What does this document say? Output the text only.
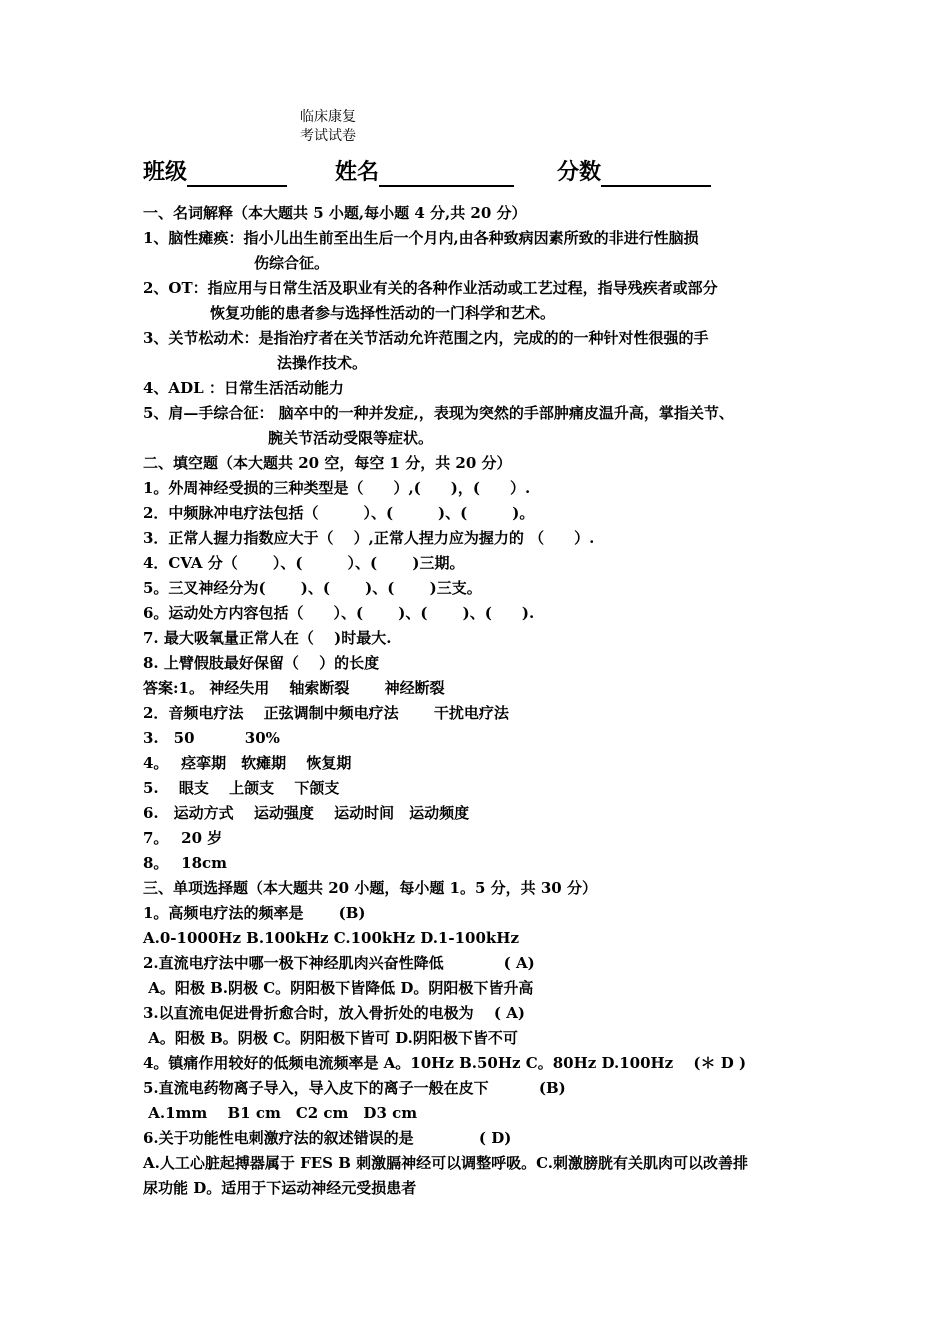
临床康复
考试试卷
班级	姓名	分数
一、名词解释（本大题共 5 小题,每小题 4 分,共 20 分）
1、脑性瘫痪：指小儿出生前至出生后一个月内,由各种致病因素所致的非进行性脑损
伤综合征。
2、OT：指应用与日常生活及职业有关的各种作业活动或工艺过程，指导残疾者或部分
恢复功能的患者参与选择性活动的一门科学和艺术。
3、关节松动术：是指治疗者在关节活动允许范围之内，完成的的一种针对性很强的手
法操作技术。
4、ADL ：日常生活活动能力
5、肩—手综合征： 脑卒中的一种并发症,，表现为突然的手部肿痛皮温升高，掌指关节、
腕关节活动受限等症状。
二、填空题（本大题共 20 空，每空 1 分，共 20 分）
1。外周神经受损的三种类型是（　　）,(　　)，(　　）.
2．中频脉冲电疗法包括（　　　）、(　　　)、(　　　)。
3．正常人握力指数应大于（　 ）,正常人捏力应为握力的 （　　）.
4．CVA 分（　　 ）、(　　　）、(　　 )三期。
5。三叉神经分为(　　 )、(　　 )、(　　 )三支。
6。运动处方内容包括（　　）、(　　 )、(　　 )、(　　).
7. 最大吸氧量正常人在（　 )时最大.
8. 上臂假肢最好保留（　 ）的长度
答案:1。 神经失用　 轴索断裂　　 神经断裂
2．音频电疗法　 正弦调制中频电疗法　　 干扰电疗法
3.　50　　　 30%
4。　 痉挛期　软瘫期　 恢复期
5.　 眼支　 上颌支　 下颌支
6.　运动方式　 运动强度　 运动时间　运动频度
7。　 20 岁
8。　 18cm
三、单项选择题（本大题共 20 小题，每小题 1。5 分，共 30 分）
1。高频电疗法的频率是　　 (B)
A.0-1000Hz B.100kHz C.100kHz D.1-100kHz
2.直流电疗法中哪一极下神经肌肉兴奋性降低　　　　( A)
A。阳极 B.阴极 C。阴阳极下皆降低 D。阴阳极下皆升高
3.以直流电促进骨折愈合时，放入骨折处的电极为　 ( A)
A。阳极 B。阴极 C。阴阳极下皆可 D.阴阳极下皆不可
4。镇痛作用较好的低频电流频率是 A。10Hz B.50Hz C。80Hz D.100Hz　 (＊ D )
5.直流电药物离子导入，导入皮下的离子一般在皮下　　　 (B)
A.1mm　 B1 cm　C2 cm　D3 cm
6.关于功能性电刺激疗法的叙述错误的是　　　　 ( D)
A.人工心脏起搏器属于 FES B 刺激膈神经可以调整呼吸。C.刺激膀胱有关肌肉可以改善排
尿功能 D。适用于下运动神经元受损患者
